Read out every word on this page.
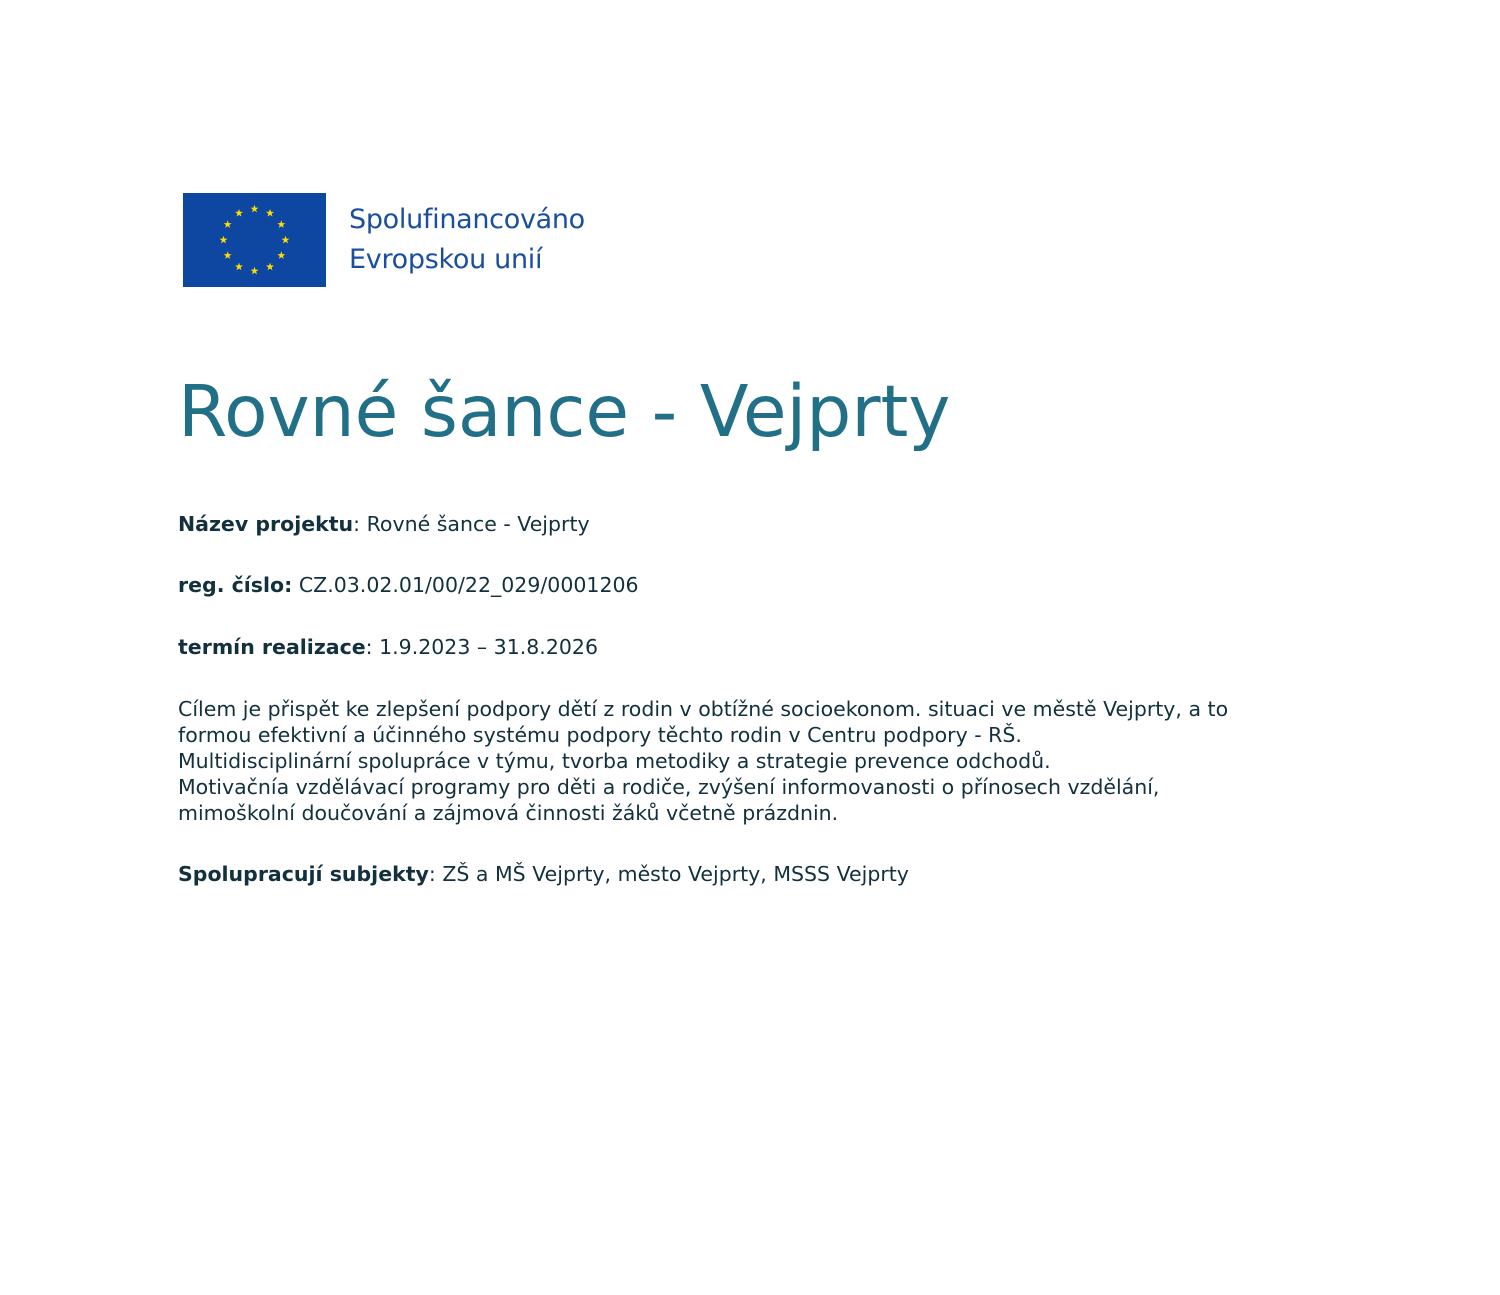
Spolufinancováno
Evropskou unií
Rovné šance - Vejprty
Název projektu: Rovné šance - Vejprty
reg. číslo: CZ.03.02.01/00/22_029/0001206
termín realizace: 1.9.2023 – 31.8.2026
Cílem je přispět ke zlepšení podpory dětí z rodin v obtížné socioekonom. situaci ve městě Vejprty, a to
formou efektivní a účinného systému podpory těchto rodin v Centru podpory - RŠ.
Multidisciplinární spolupráce v týmu, tvorba metodiky a strategie prevence odchodů.
Motivačnía vzdělávací programy pro děti a rodiče, zvýšení informovanosti o přínosech vzdělání,
mimoškolní doučování a zájmová činnosti žáků včetně prázdnin.
Spolupracují subjekty: ZŠ a MŠ Vejprty, město Vejprty, MSSS Vejprty
